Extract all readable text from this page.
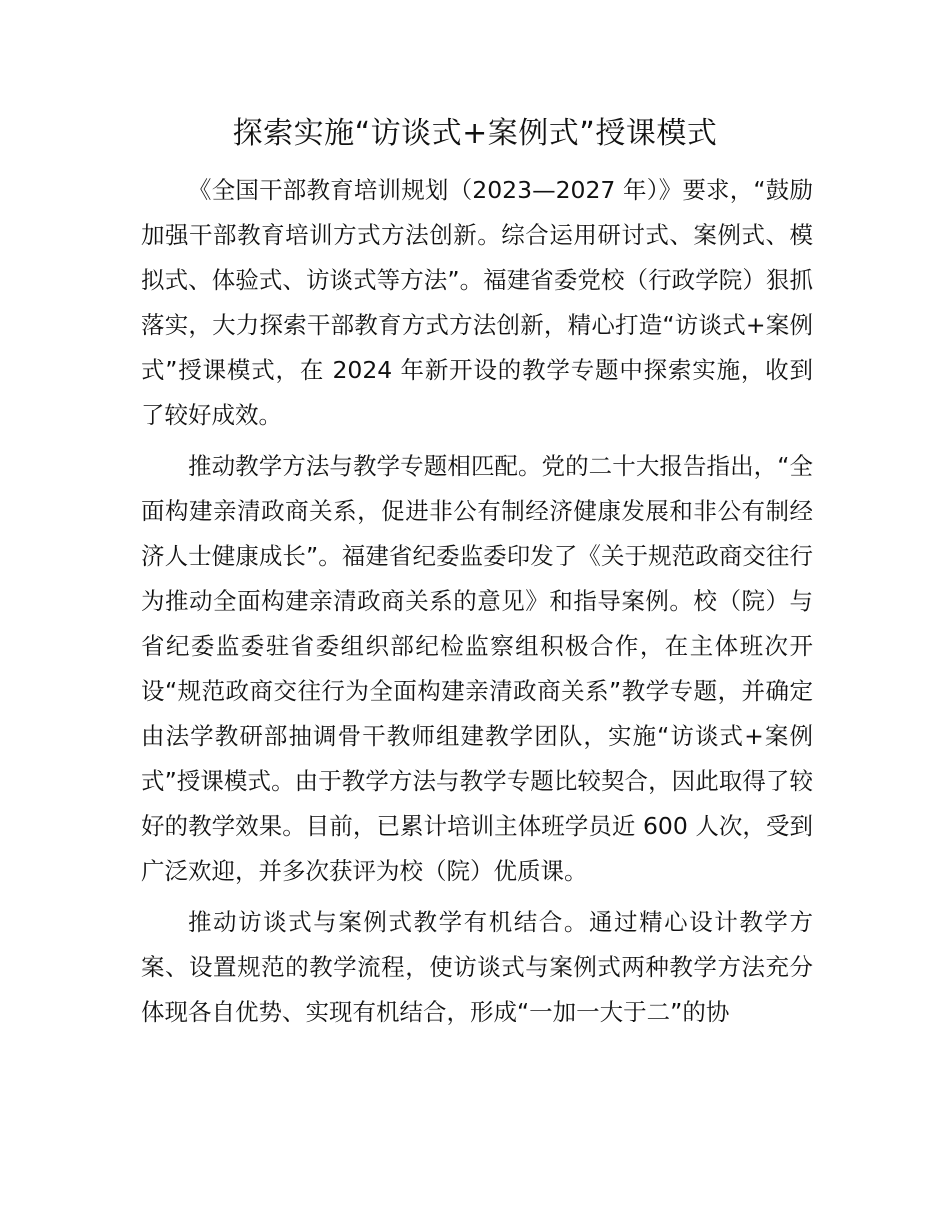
探索实施“访谈式+案例式”授课模式

《全国干部教育培训规划（2023—2027 年）》要求，“鼓励加强干部教育培训方式方法创新。综合运用研讨式、案例式、模拟式、体验式、访谈式等方法”。福建省委党校（行政学院）狠抓落实，大力探索干部教育方式方法创新，精心打造“访谈式+案例式”授课模式，在 2024 年新开设的教学专题中探索实施，收到了较好成效。

推动教学方法与教学专题相匹配。党的二十大报告指出，“全面构建亲清政商关系，促进非公有制经济健康发展和非公有制经济人士健康成长”。福建省纪委监委印发了《关于规范政商交往行为推动全面构建亲清政商关系的意见》和指导案例。校（院）与省纪委监委驻省委组织部纪检监察组积极合作，在主体班次开设“规范政商交往行为全面构建亲清政商关系”教学专题，并确定由法学教研部抽调骨干教师组建教学团队，实施“访谈式+案例式”授课模式。由于教学方法与教学专题比较契合，因此取得了较好的教学效果。目前，已累计培训主体班学员近 600 人次，受到广泛欢迎，并多次获评为校（院）优质课。

推动访谈式与案例式教学有机结合。通过精心设计教学方案、设置规范的教学流程，使访谈式与案例式两种教学方法充分体现各自优势、实现有机结合，形成“一加一大于二”的协
